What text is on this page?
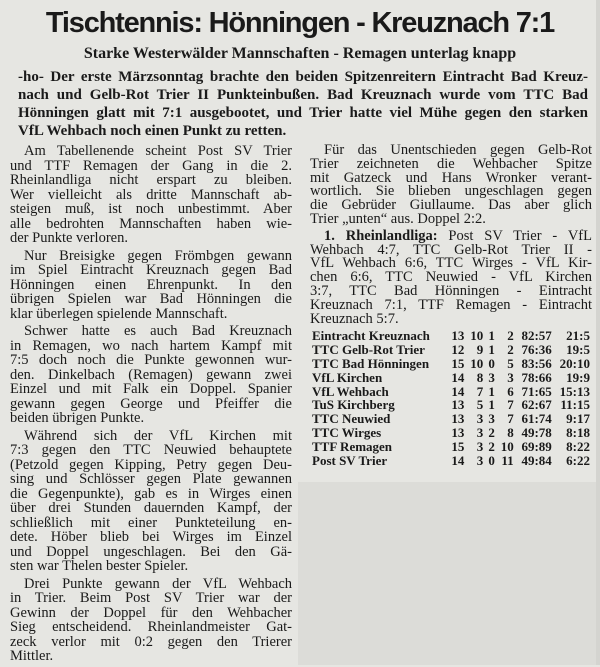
Tischtennis: Hönningen - Kreuznach 7:1
Starke Westerwälder Mannschaften - Remagen unterlag knapp
-ho- Der erste Märzsonntag brachte den beiden Spitzenreitern Eintracht Bad Kreuz-
nach und Gelb-Rot Trier II Punkteinbußen. Bad Kreuznach wurde vom TTC Bad
Hönningen glatt mit 7:1 ausgebootet, und Trier hatte viel Mühe gegen den starken
VfL Wehbach noch einen Punkt zu retten.
Am Tabellenende scheint Post SV Trier
und TTF Remagen der Gang in die 2.
Rheinlandliga nicht erspart zu bleiben.
Wer vielleicht als dritte Mannschaft ab-
steigen muß, ist noch unbestimmt. Aber
alle bedrohten Mannschaften haben wie-
der Punkte verloren.
Nur Breisigke gegen Frömbgen gewann
im Spiel Eintracht Kreuznach gegen Bad
Hönningen einen Ehrenpunkt. In den
übrigen Spielen war Bad Hönningen die
klar überlegen spielende Mannschaft.
Schwer hatte es auch Bad Kreuznach
in Remagen, wo nach hartem Kampf mit
7:5 doch noch die Punkte gewonnen wur-
den. Dinkelbach (Remagen) gewann zwei
Einzel und mit Falk ein Doppel. Spanier
gewann gegen George und Pfeiffer die
beiden übrigen Punkte.
Während sich der VfL Kirchen mit
7:3 gegen den TTC Neuwied behauptete
(Petzold gegen Kipping, Petry gegen Deu-
sing und Schlösser gegen Plate gewannen
die Gegenpunkte), gab es in Wirges einen
über drei Stunden dauernden Kampf, der
schließlich mit einer Punkteteilung en-
dete. Höber blieb bei Wirges im Einzel
und Doppel ungeschlagen. Bei den Gä-
sten war Thelen bester Spieler.
Drei Punkte gewann der VfL Wehbach
in Trier. Beim Post SV Trier war der
Gewinn der Doppel für den Wehbacher
Sieg entscheidend. Rheinlandmeister Gat-
zeck verlor mit 0:2 gegen den Trierer
Mittler.
Für das Unentschieden gegen Gelb-Rot
Trier zeichneten die Wehbacher Spitze
mit Gatzeck und Hans Wronker verant-
wortlich. Sie blieben ungeschlagen gegen
die Gebrüder Giullaume. Das aber glich
Trier „unten“ aus. Doppel 2:2.
1. Rheinlandliga: Post SV Trier - VfL
Wehbach 4:7, TTC Gelb-Rot Trier II -
VfL Wehbach 6:6, TTC Wirges - VfL Kir-
chen 6:6, TTC Neuwied - VfL Kirchen
3:7, TTC Bad Hönningen - Eintracht
Kreuznach 7:1, TTF Remagen - Eintracht
Kreuznach 5:7.
Eintracht Kreuznach	13	10	1	2	82:57	21:5
TTC Gelb-Rot Trier	12	9	1	2	76:36	19:5
TTC Bad Hönningen	15	10	0	5	83:56	20:10
VfL Kirchen	14	8	3	3	78:66	19:9
VfL Wehbach	14	7	1	6	71:65	15:13
TuS Kirchberg	13	5	1	7	62:67	11:15
TTC Neuwied	13	3	3	7	61:74	9:17
TTC Wirges	13	3	2	8	49:78	8:18
TTF Remagen	15	3	2	10	69:89	8:22
Post SV Trier	14	3	0	11	49:84	6:22
